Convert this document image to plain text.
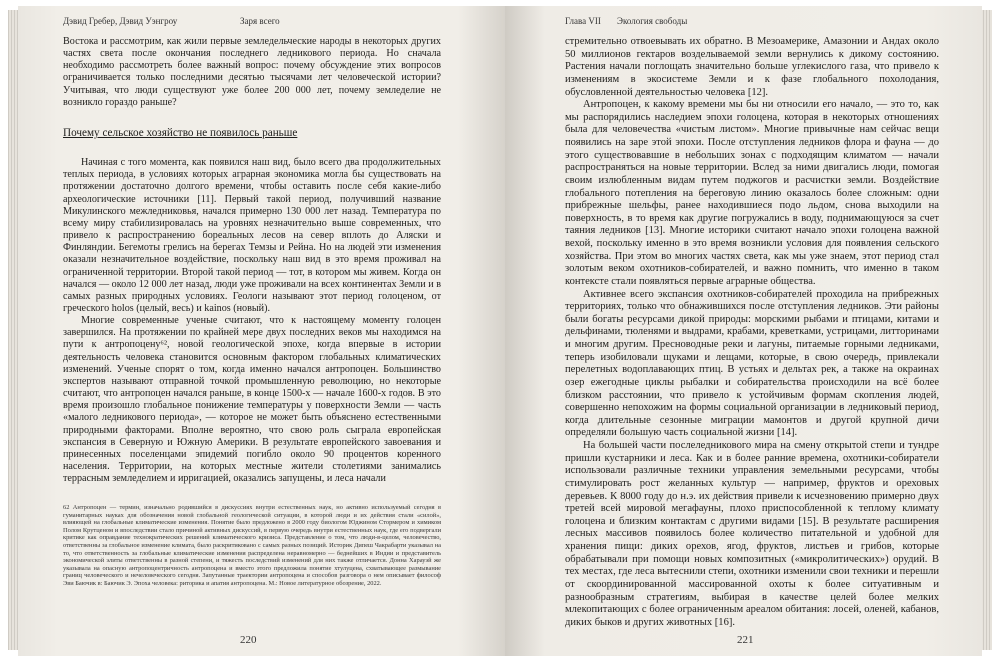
Дэвид Гребер, Дэвид Уэнгроу	Заря всего

Востока и рассмотрим, как жили первые земледельческие народы в некоторых других частях света после окончания последнего ледникового периода. Но сначала необходимо рассмотреть более важный вопрос: почему обсуждение этих вопросов ограничивается только последними десятью тысячами лет человеческой истории? Учитывая, что люди существуют уже более 200 000 лет, почему земледелие не возникло гораздо раньше?

Почему сельское хозяйство не появилось раньше

Начиная с того момента, как появился наш вид, было всего два продолжительных теплых периода, в условиях которых аграрная экономика могла бы существовать на протяжении достаточно долгого времени, чтобы оставить после себя какие-либо археологические источники [11]. Первый такой период, получивший название Микулинского межледниковья, начался примерно 130 000 лет назад. Температура по всему миру стабилизировалась на уровнях незначительно выше современных, что привело к распространению бореальных лесов на север вплоть до Аляски и Финляндии. Бегемоты грелись на берегах Темзы и Рейна. Но на людей эти изменения оказали незначительное воздействие, поскольку наш вид в это время проживал на ограниченной территории. Второй такой период — тот, в котором мы живем. Когда он начался — около 12 000 лет назад, люди уже проживали на всех континентах Земли и в самых разных природных условиях. Геологи называют этот период голоценом, от греческого holos (целый, весь) и kainos (новый).

Многие современные ученые считают, что к настоящему моменту голоцен завершился. На протяжении по крайней мере двух последних веков мы находимся на пути к антропоцену⁶², новой геологической эпохе, когда впервые в истории деятельность человека становится основным фактором глобальных климатических изменений. Ученые спорят о том, когда именно начался антропоцен. Большинство экспертов называют отправной точкой промышленную революцию, но некоторые считают, что антропоцен начался раньше, в конце 1500-х — начале 1600-х годов. В это время произошло глобальное понижение температуры у поверхности Земли — часть «малого ледникового периода», — которое не может быть объяснено естественными природными факторами. Вполне вероятно, что свою роль сыграла европейская экспансия в Северную и Южную Америки. В результате европейского завоевания и принесенных поселенцами эпидемий погибло около 90 процентов коренного населения. Территории, на которых местные жители столетиями занимались террасным земледелием и ирригацией, оказались запущены, и леса начали

62 Антропоцен — термин, изначально родившийся в дискуссиях внутри естественных наук, но активно используемый сегодня в гуманитарных науках для обозначения новой глобальной геологической ситуации, в которой люди и их действия стали «силой», влияющей на глобальные климатические изменения. Понятие было предложено в 2000 году биологом Юджином Стормером и химиком Полом Крутценом и впоследствии стало причиной активных дискуссий, в первую очередь внутри естественных наук, где его подвергали критике как оправдание технократических решений климатического кризиса. Представление о том, что люди-в-целом, человечество, ответственны за глобальное изменение климата, было раскритиковано с самых разных позиций. Историк Дипеш Чакрабарти указывал на то, что ответственность за глобальные климатические изменения распределена неравномерно — беднейших в Индии и представитель экономической элиты ответственны в разной степени, и тяжесть последствий изменений для них также отличается. Донна Харауэй же указывала на опасную антропоцентричность антропоцена и вместо этого предложила понятие хтулуцена, схватывающее размывание границ человеческого и нечеловеческого сегодня. Запутанные траектории антропоцена и способов разговора о нем описывает философ Эви Баючик в: Баючик Э. Эпоха человека: риторика и апатия антропоцена. М.: Новое литературное обозрение, 2022.

220
Глава VII Экология свободы

стремительно отвоевывать их обратно. В Мезоамерике, Амазонии и Андах около 50 миллионов гектаров возделываемой земли вернулись к дикому состоянию. Растения начали поглощать значительно больше углекислого газа, что привело к изменениям в экосистеме Земли и к фазе глобального похолодания, обусловленной деятельностью человека [12].

Антропоцен, к какому времени мы бы ни относили его начало, — это то, как мы распорядились наследием эпохи голоцена, которая в некоторых отношениях была для человечества «чистым листом». Многие привычные нам сейчас вещи появились на заре этой эпохи. После отступления ледников флора и фауна — до этого существовавшие в небольших зонах с подходящим климатом — начали распространяться на новые территории. Вслед за ними двигались люди, помогая своим излюбленным видам путем поджогов и расчистки земли. Воздействие глобального потепления на береговую линию оказалось более сложным: одни прибрежные шельфы, ранее находившиеся подо льдом, снова выходили на поверхность, в то время как другие погружались в воду, поднимающуюся за счет таяния ледников [13]. Многие историки считают начало эпохи голоцена важной вехой, поскольку именно в это время возникли условия для появления сельского хозяйства. При этом во многих частях света, как мы уже знаем, этот период стал золотым веком охотников-собирателей, и важно помнить, что именно в таком контексте стали появляться первые аграрные общества.

Активнее всего экспансия охотников-собирателей проходила на прибрежных территориях, только что обнажившихся после отступления ледников. Эти районы были богаты ресурсами дикой природы: морскими рыбами и птицами, китами и дельфинами, тюленями и выдрами, крабами, креветками, устрицами, литторинами и многим другим. Пресноводные реки и лагуны, питаемые горными ледниками, теперь изобиловали щуками и лещами, которые, в свою очередь, привлекали перелетных водоплавающих птиц. В устьях и дельтах рек, а также на окраинах озер ежегодные циклы рыбалки и собирательства происходили на всё более близком расстоянии, что привело к устойчивым формам скопления людей, совершенно непохожим на формы социальной организации в ледниковый период, когда длительные сезонные миграции мамонтов и другой крупной дичи определяли большую часть социальной жизни [14].

На большей части послеледникового мира на смену открытой степи и тундре пришли кустарники и леса. Как и в более ранние времена, охотники-собиратели использовали различные техники управления земельными ресурсами, чтобы стимулировать рост желанных культур — например, фруктов и ореховых деревьев. К 8000 году до н.э. их действия привели к исчезновению примерно двух третей всей мировой мегафауны, плохо приспособленной к теплому климату голоцена и близким контактам с другими видами [15]. В результате расширения лесных массивов появилось более количество питательной и удобной для хранения пищи: диких орехов, ягод, фруктов, листьев и грибов, которые обрабатывали при помощи новых композитных («микролитических») орудий. В тех местах, где леса вытеснили степи, охотники изменили свои техники и перешли от скоординированной массированной охоты к более ситуативным и разнообразным стратегиям, выбирая в качестве целей более мелких млекопитающих с более ограниченным ареалом обитания: лосей, оленей, кабанов, диких быков и других животных [16].

221
